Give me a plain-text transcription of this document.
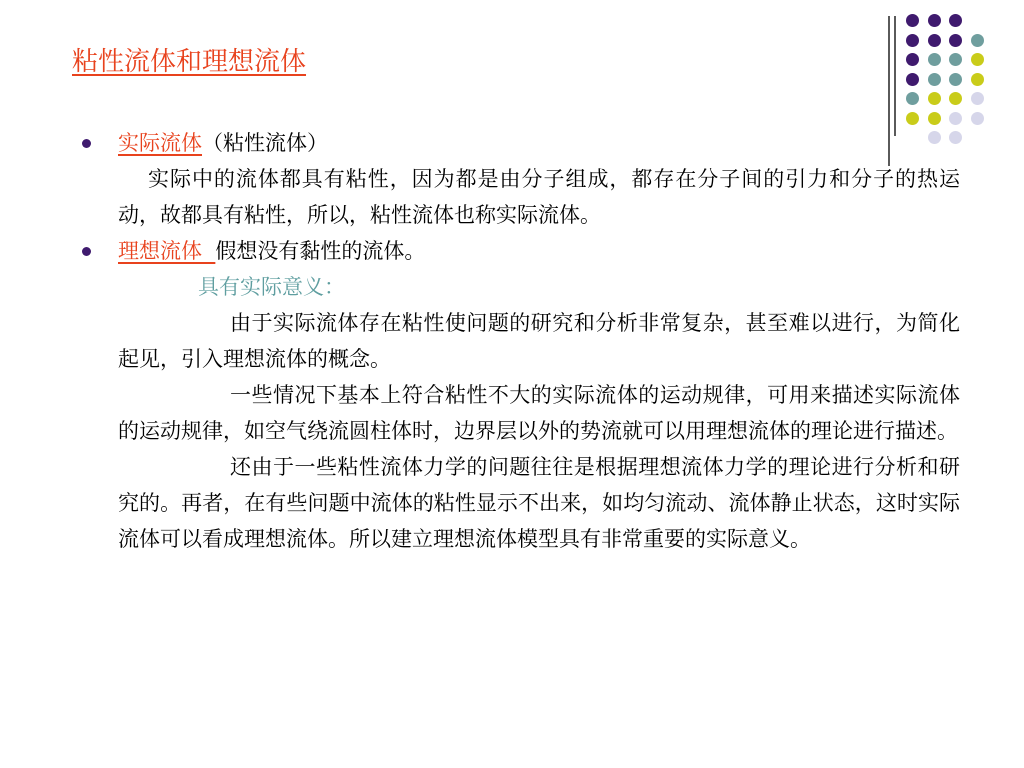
粘性流体和理想流体

实际流体（粘性流体）

实际中的流体都具有粘性，因为都是由分子组成，都存在分子间的引力和分子的热运动，故都具有粘性，所以，粘性流体也称实际流体。

理想流体 假想没有黏性的流体。

具有实际意义：

由于实际流体存在粘性使问题的研究和分析非常复杂，甚至难以进行，为简化起见，引入理想流体的概念。

一些情况下基本上符合粘性不大的实际流体的运动规律，可用来描述实际流体的运动规律，如空气绕流圆柱体时，边界层以外的势流就可以用理想流体的理论进行描述。

还由于一些粘性流体力学的问题往往是根据理想流体力学的理论进行分析和研究的。再者，在有些问题中流体的粘性显示不出来，如均匀流动、流体静止状态，这时实际流体可以看成理想流体。所以建立理想流体模型具有非常重要的实际意义。
